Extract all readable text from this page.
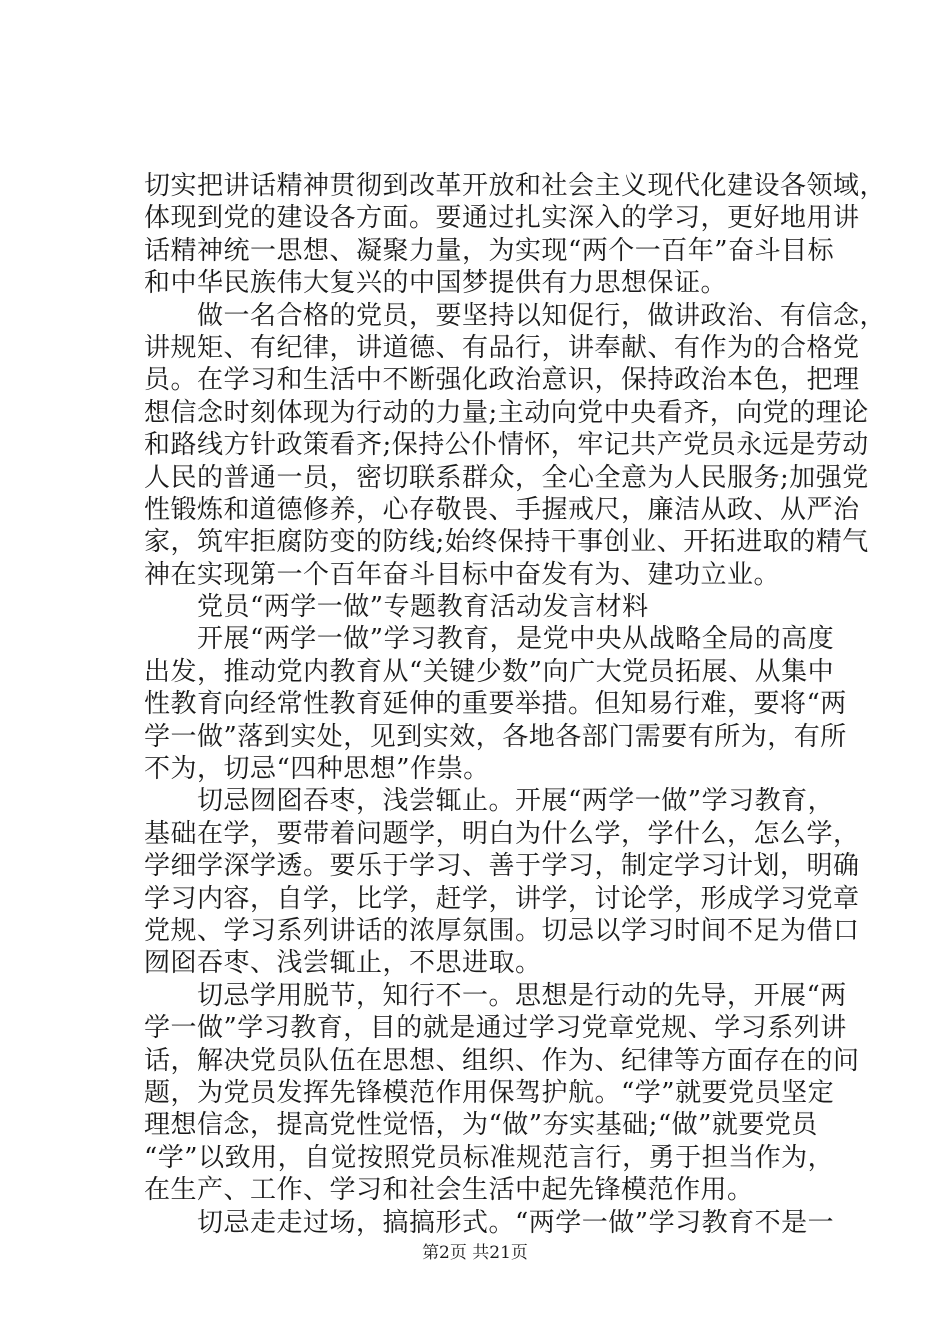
切实把讲话精神贯彻到改革开放和社会主义现代化建设各领域，
体现到党的建设各方面。要通过扎实深入的学习，更好地用讲
话精神统一思想、凝聚力量，为实现“两个一百年”奋斗目标
和中华民族伟大复兴的中国梦提供有力思想保证。
　　做一名合格的党员，要坚持以知促行，做讲政治、有信念，
讲规矩、有纪律，讲道德、有品行，讲奉献、有作为的合格党
员。在学习和生活中不断强化政治意识，保持政治本色，把理
想信念时刻体现为行动的力量;主动向党中央看齐，向党的理论
和路线方针政策看齐;保持公仆情怀，牢记共产党员永远是劳动
人民的普通一员，密切联系群众，全心全意为人民服务;加强党
性锻炼和道德修养，心存敬畏、手握戒尺，廉洁从政、从严治
家，筑牢拒腐防变的防线;始终保持干事创业、开拓进取的精气
神在实现第一个百年奋斗目标中奋发有为、建功立业。
　　党员“两学一做”专题教育活动发言材料
　　开展“两学一做”学习教育，是党中央从战略全局的高度
出发，推动党内教育从“关键少数”向广大党员拓展、从集中
性教育向经常性教育延伸的重要举措。但知易行难，要将“两
学一做”落到实处，见到实效，各地各部门需要有所为，有所
不为，切忌“四种思想”作祟。
　　切忌囫囵吞枣，浅尝辄止。开展“两学一做”学习教育，
基础在学，要带着问题学，明白为什么学，学什么，怎么学，
学细学深学透。要乐于学习、善于学习，制定学习计划，明确
学习内容，自学，比学，赶学，讲学，讨论学，形成学习党章
党规、学习系列讲话的浓厚氛围。切忌以学习时间不足为借口
囫囵吞枣、浅尝辄止，不思进取。
　　切忌学用脱节，知行不一。思想是行动的先导，开展“两
学一做”学习教育，目的就是通过学习党章党规、学习系列讲
话，解决党员队伍在思想、组织、作为、纪律等方面存在的问
题，为党员发挥先锋模范作用保驾护航。“学”就要党员坚定
理想信念，提高党性觉悟，为“做”夯实基础;“做”就要党员
“学”以致用，自觉按照党员标准规范言行，勇于担当作为，
在生产、工作、学习和社会生活中起先锋模范作用。
　　切忌走走过场，搞搞形式。“两学一做”学习教育不是一
第2页 共21页
